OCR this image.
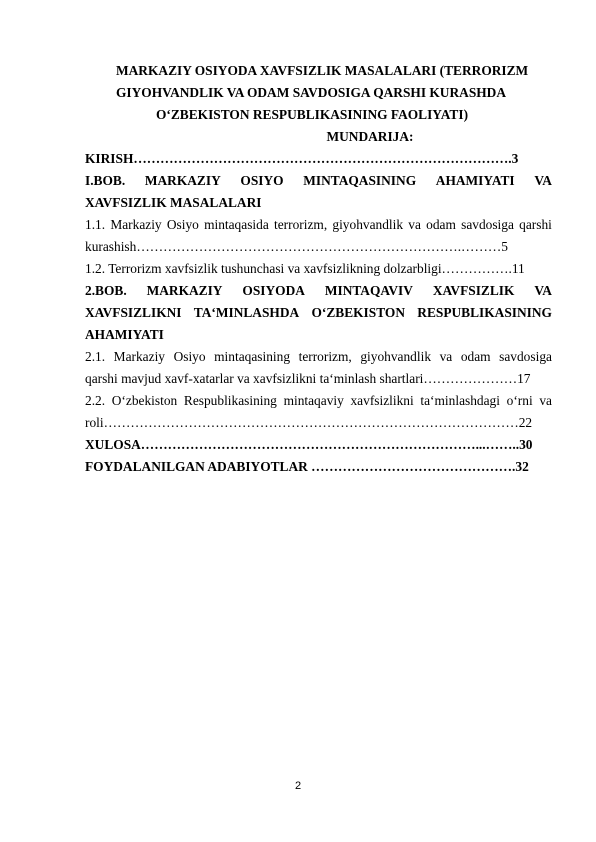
MARKAZIY OSIYODA XAVFSIZLIK MASALALARI (TERRORIZM
GIYOHVANDLIK VA ODAM SAVDOSIGA QARSHI KURASHDA
O‘ZBEKISTON RESPUBLIKASINING FAOLIYATI)
MUNDARIJA:
KIRISH………………………………………………………………………….3
I.BOB. MARKAZIY OSIYO MINTAQASINING AHAMIYATI VA
XAVFSIZLIK MASALALARI
1.1. Markaziy Osiyo mintaqasida terrorizm, giyohvandlik va odam savdosiga qarshi
kurashish……………………………………………………………….………5
1.2. Terrorizm xavfsizlik tushunchasi va xavfsizlikning dolzarbligi…………….11
2.BOB. MARKAZIY OSIYODA MINTAQAVIV XAVFSIZLIK VA
XAVFSIZLIKNI TA‘MINLASHDA O‘ZBEKISTON RESPUBLIKASINING
AHAMIYATI
2.1. Markaziy Osiyo mintaqasining terrorizm, giyohvandlik va odam savdosiga
qarshi mavjud xavf-xatarlar va xavfsizlikni ta‘minlash shartlari…………………17
2.2. O‘zbekiston Respublikasining mintaqaviy xavfsizlikni ta‘minlashdagi o‘rni va
roli…………………………………………………………………………………22
XULOSA…………………………………………………………………...……..30
FOYDALANILGAN ADABIYOTLAR ……………………………………….32
2
